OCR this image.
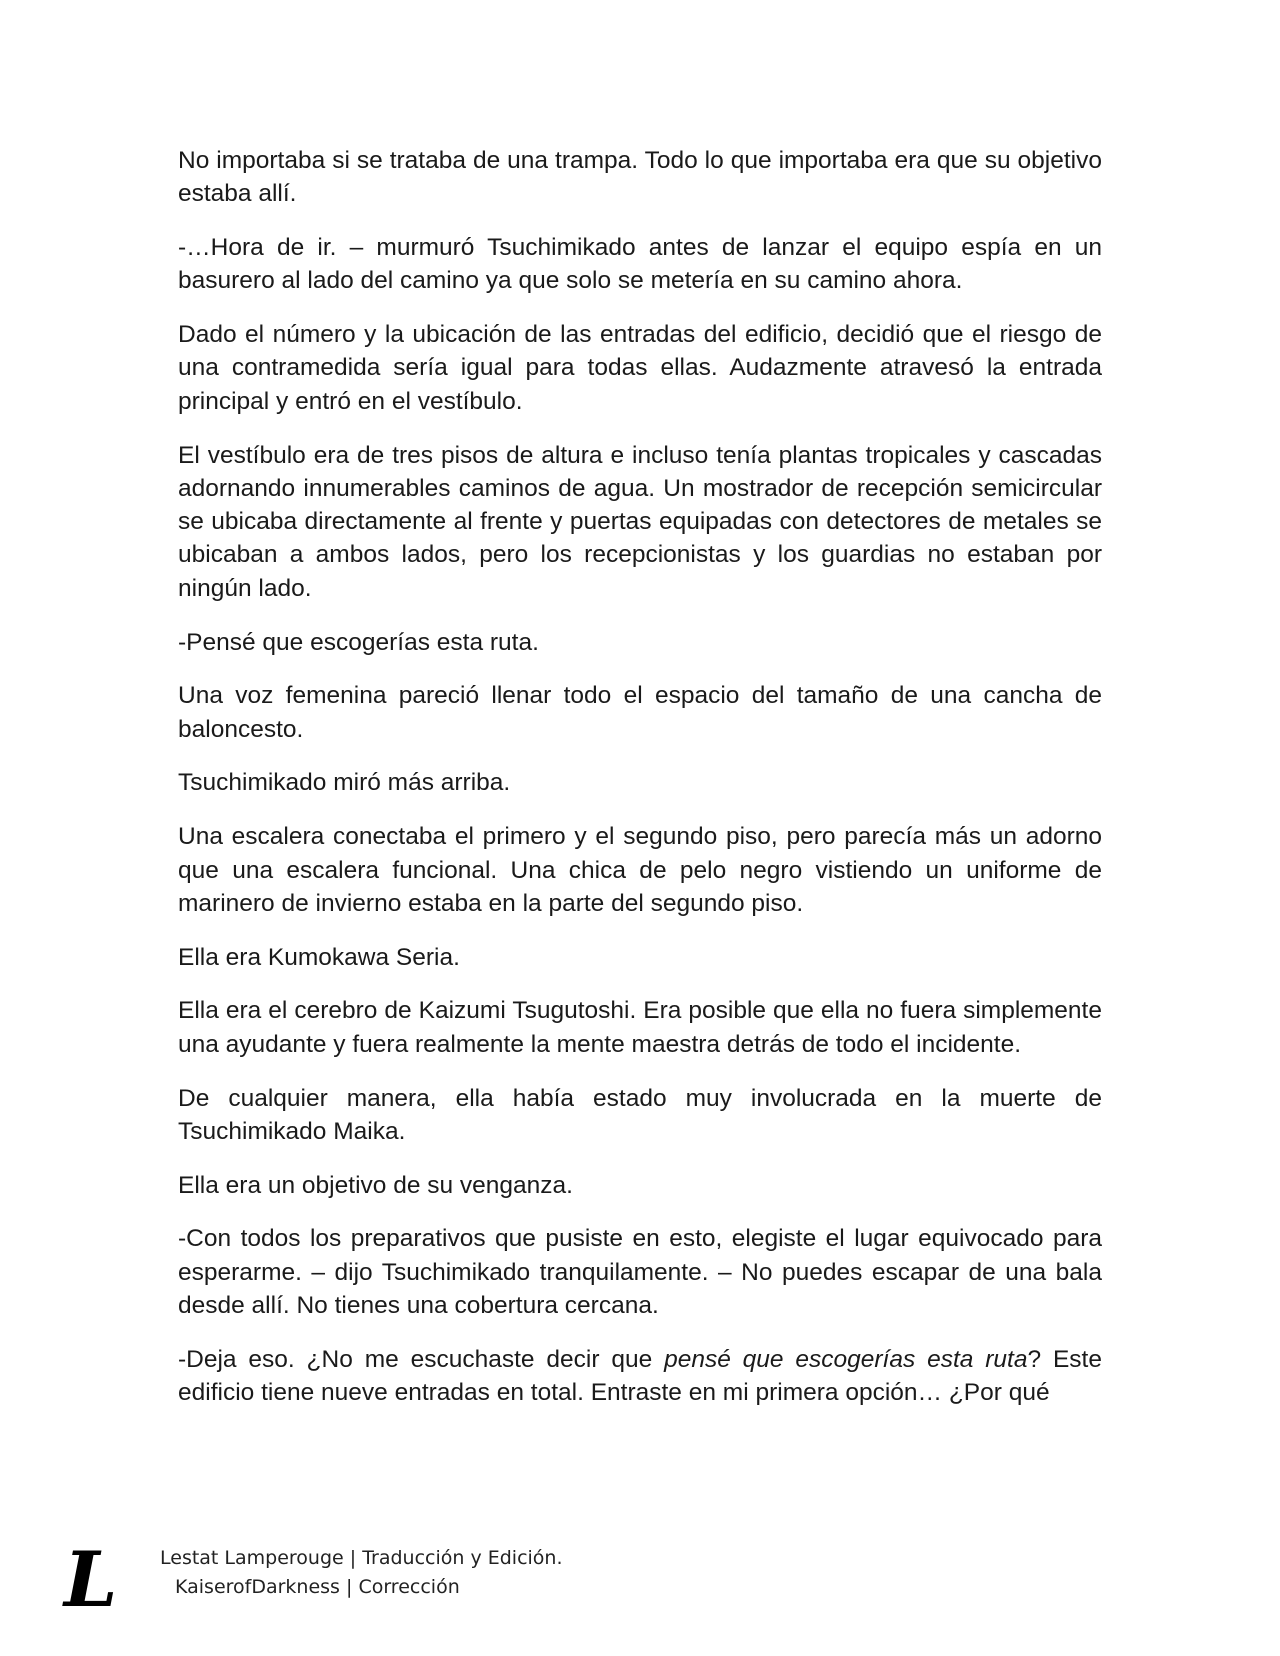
No importaba si se trataba de una trampa. Todo lo que importaba era que su objetivo estaba allí.

-…Hora de ir. – murmuró Tsuchimikado antes de lanzar el equipo espía en un basurero al lado del camino ya que solo se metería en su camino ahora.

Dado el número y la ubicación de las entradas del edificio, decidió que el riesgo de una contramedida sería igual para todas ellas. Audazmente atravesó la entrada principal y entró en el vestíbulo.

El vestíbulo era de tres pisos de altura e incluso tenía plantas tropicales y cascadas adornando innumerables caminos de agua. Un mostrador de recepción semicircular se ubicaba directamente al frente y puertas equipadas con detectores de metales se ubicaban a ambos lados, pero los recepcionistas y los guardias no estaban por ningún lado.

-Pensé que escogerías esta ruta.

Una voz femenina pareció llenar todo el espacio del tamaño de una cancha de baloncesto.

Tsuchimikado miró más arriba.

Una escalera conectaba el primero y el segundo piso, pero parecía más un adorno que una escalera funcional. Una chica de pelo negro vistiendo un uniforme de marinero de invierno estaba en la parte del segundo piso.

Ella era Kumokawa Seria.

Ella era el cerebro de Kaizumi Tsugutoshi. Era posible que ella no fuera simplemente una ayudante y fuera realmente la mente maestra detrás de todo el incidente.

De cualquier manera, ella había estado muy involucrada en la muerte de Tsuchimikado Maika.

Ella era un objetivo de su venganza.

-Con todos los preparativos que pusiste en esto, elegiste el lugar equivocado para esperarme. – dijo Tsuchimikado tranquilamente. – No puedes escapar de una bala desde allí. No tienes una cobertura cercana.

-Deja eso. ¿No me escuchaste decir que pensé que escogerías esta ruta? Este edificio tiene nueve entradas en total. Entraste en mi primera opción… ¿Por qué

L Lestat Lamperouge | Traducción y Edición.
KaiserofDarkness | Corrección
